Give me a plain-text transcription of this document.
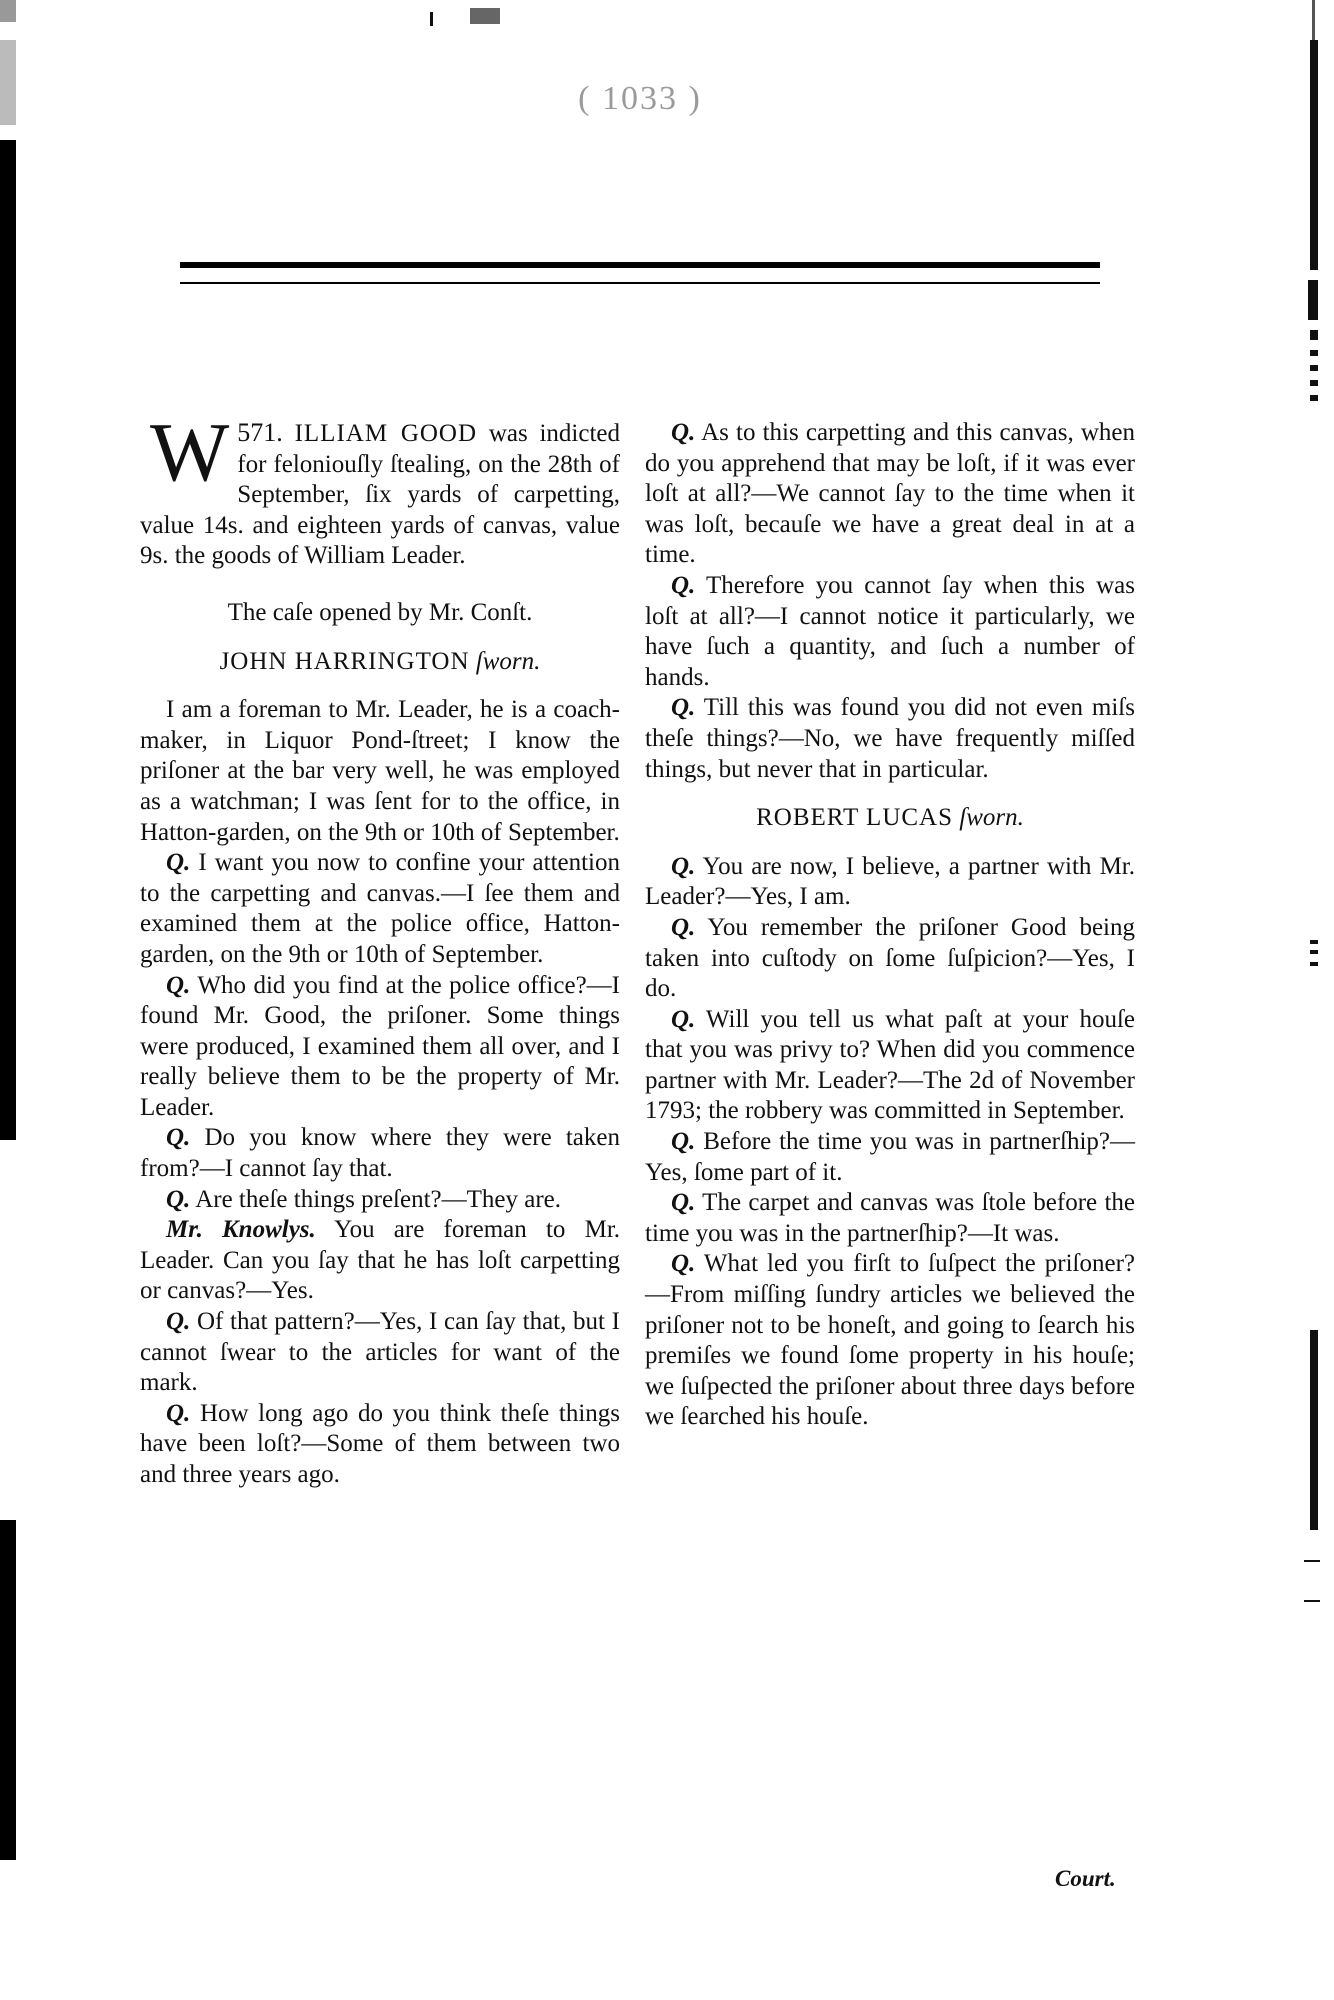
( 1033 )

571.
W	ILLIAM GOOD was indicted for feloniouſly ſtealing, on the 28th of September, ſix yards of carpetting, value 14s. and eighteen yards of canvas, value 9s. the goods of William Leader.

The caſe opened by Mr. Conſt.

JOHN HARRINGTON ſworn.

I am a foreman to Mr. Leader, he is a coach-maker, in Liquor Pond-ſtreet; I know the priſoner at the bar very well, he was employed as a watchman; I was ſent for to the office, in Hatton-garden, on the 9th or 10th of September.

Q. I want you now to confine your attention to the carpetting and canvas.—I ſee them and examined them at the police office, Hatton-garden, on the 9th or 10th of September.

Q. Who did you find at the police office?—I found Mr. Good, the priſoner. Some things were produced, I examined them all over, and I really believe them to be the property of Mr. Leader.

Q. Do you know where they were taken from?—I cannot ſay that.

Q. Are theſe things preſent?—They are.

Mr. Knowlys. You are foreman to Mr. Leader. Can you ſay that he has loſt carpetting or canvas?—Yes.

Q. Of that pattern?—Yes, I can ſay that, but I cannot ſwear to the articles for want of the mark.

Q. How long ago do you think theſe things have been loſt?—Some of them between two and three years ago.

Q. As to this carpetting and this canvas, when do you apprehend that may be loſt, if it was ever loſt at all?—We cannot ſay to the time when it was loſt, becauſe we have a great deal in at a time.

Q. Therefore you cannot ſay when this was loſt at all?—I cannot notice it particularly, we have ſuch a quantity, and ſuch a number of hands.

Q. Till this was found you did not even miſs theſe things?—No, we have frequently miſſed things, but never that in particular.

ROBERT LUCAS ſworn.

Q. You are now, I believe, a partner with Mr. Leader?—Yes, I am.

Q. You remember the priſoner Good being taken into cuſtody on ſome ſuſpicion?—Yes, I do.

Q. Will you tell us what paſt at your houſe that you was privy to? When did you commence partner with Mr. Leader?—The 2d of November 1793; the robbery was committed in September.

Q. Before the time you was in partnerſhip?—Yes, ſome part of it.

Q. The carpet and canvas was ſtole before the time you was in the partnerſhip?—It was.

Q. What led you firſt to ſuſpect the priſoner?—From miſſing ſundry articles we believed the priſoner not to be honeſt, and going to ſearch his premiſes we found ſome property in his houſe; we ſuſpected the priſoner about three days before we ſearched his houſe.

Court.
